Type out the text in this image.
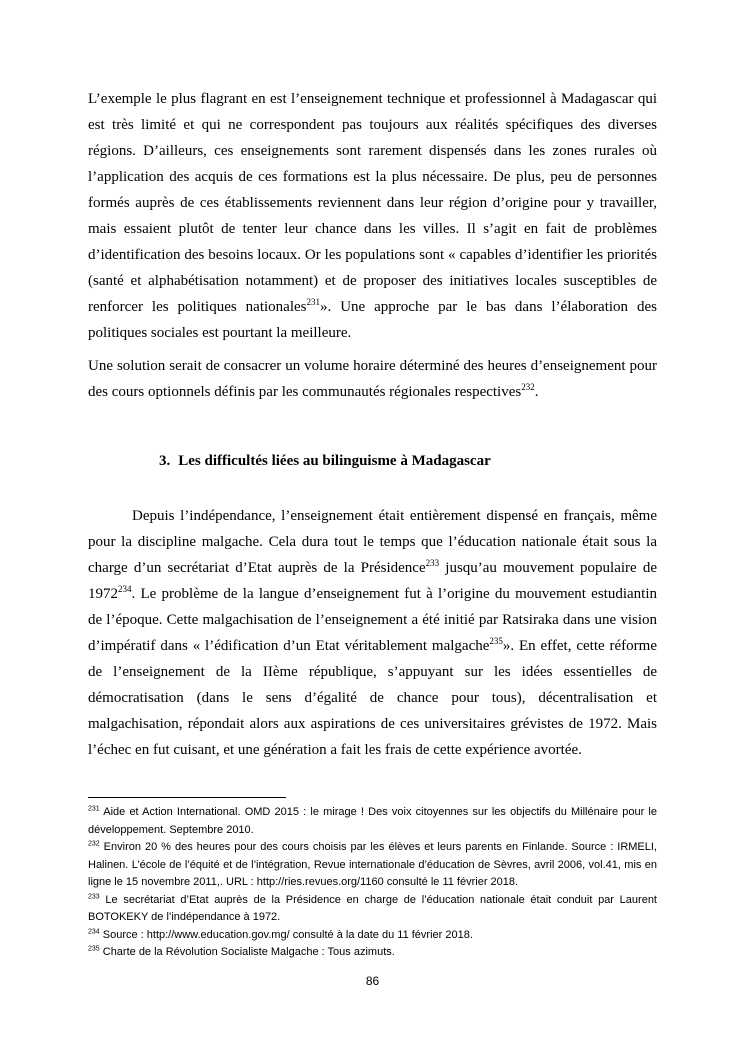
L’exemple le plus flagrant en est l’enseignement technique et professionnel à Madagascar qui est très limité et qui ne correspondent pas toujours aux réalités spécifiques des diverses régions. D’ailleurs, ces enseignements sont rarement dispensés dans les zones rurales où l’application des acquis de ces formations est la plus nécessaire. De plus, peu de personnes formés auprès de ces établissements reviennent dans leur région d’origine pour y travailler, mais essaient plutôt de tenter leur chance dans les villes. Il s’agit en fait de problèmes d’identification des besoins locaux. Or les populations sont « capables d’identifier les priorités (santé et alphabétisation notamment) et de proposer des initiatives locales susceptibles de renforcer les politiques nationales$^{231}$». Une approche par le bas dans l’élaboration des politiques sociales est pourtant la meilleure.

Une solution serait de consacrer un volume horaire déterminé des heures d’enseignement pour des cours optionnels définis par les communautés régionales respectives$^{232}$.

3. Les difficultés liées au bilinguisme à Madagascar

Depuis l’indépendance, l’enseignement était entièrement dispensé en français, même pour la discipline malgache. Cela dura tout le temps que l’éducation nationale était sous la charge d’un secrétariat d’Etat auprès de la Présidence$^{233}$ jusqu’au mouvement populaire de 1972$^{234}$. Le problème de la langue d’enseignement fut à l’origine du mouvement estudiantin de l’époque. Cette malgachisation de l’enseignement a été initié par Ratsiraka dans une vision d’impératif dans « l’édification d’un Etat véritablement malgache$^{235}$». En effet, cette réforme de l’enseignement de la IIème république, s’appuyant sur les idées essentielles de démocratisation (dans le sens d’égalité de chance pour tous), décentralisation et malgachisation, répondait alors aux aspirations de ces universitaires grévistes de 1972. Mais l’échec en fut cuisant, et une génération a fait les frais de cette expérience avortée.

$^{231}$ Aide et Action International. OMD 2015 : le mirage ! Des voix citoyennes sur les objectifs du Millénaire pour le développement. Septembre 2010.

$^{232}$ Environ 20 % des heures pour des cours choisis par les élèves et leurs parents en Finlande. Source : IRMELI, Halinen. L’école de l’équité et de l’intégration, Revue internationale d’éducation de Sèvres, avril 2006, vol.41, mis en ligne le 15 novembre 2011,. URL : http://ries.revues.org/1160 consulté le 11 février 2018.

$^{233}$ Le secrétariat d’Etat auprès de la Présidence en charge de l’éducation nationale était conduit par Laurent BOTOKEKY de l’indépendance à 1972.

$^{234}$ Source : http://www.education.gov.mg/ consulté à la date du 11 février 2018.

$^{235}$ Charte de la Révolution Socialiste Malgache : Tous azimuts.

86
